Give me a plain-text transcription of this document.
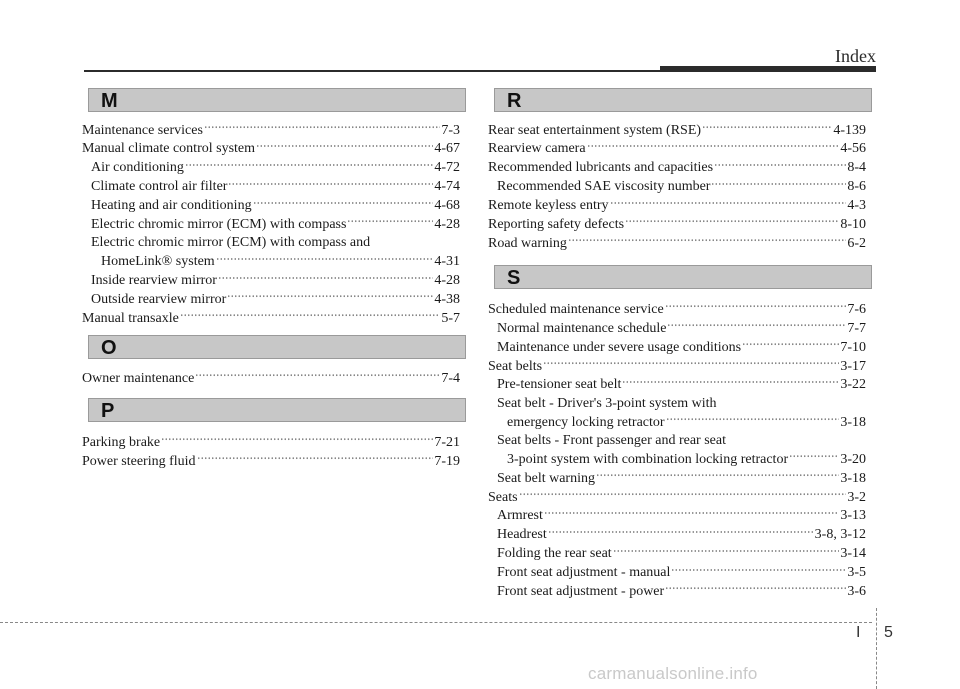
Index
M
Maintenance services	7-3
Manual climate control system	4-67
Air conditioning	4-72
Climate control air filter	4-74
Heating and air conditioning	4-68
Electric chromic mirror (ECM) with compass	4-28
Electric chromic mirror (ECM) with compass and
HomeLink® system	4-31
Inside rearview mirror	4-28
Outside rearview mirror	4-38
Manual transaxle	5-7
O
Owner maintenance	7-4
P
Parking brake	7-21
Power steering fluid	7-19
R
Rear seat entertainment system (RSE)	4-139
Rearview camera	4-56
Recommended lubricants and capacities	8-4
Recommended SAE viscosity number	8-6
Remote keyless entry	4-3
Reporting safety defects	8-10
Road warning	6-2
S
Scheduled maintenance service	7-6
Normal maintenance schedule	7-7
Maintenance under severe usage conditions	7-10
Seat belts	3-17
Pre-tensioner seat belt	3-22
Seat belt - Driver's 3-point system with
emergency locking retractor	3-18
Seat belts - Front passenger and rear seat
3-point system with combination locking retractor	3-20
Seat belt warning	3-18
Seats	3-2
Armrest	3-13
Headrest	3-8, 3-12
Folding the rear seat	3-14
Front seat adjustment - manual	3-5
Front seat adjustment - power	3-6
I 5
carmanualsonline.info
